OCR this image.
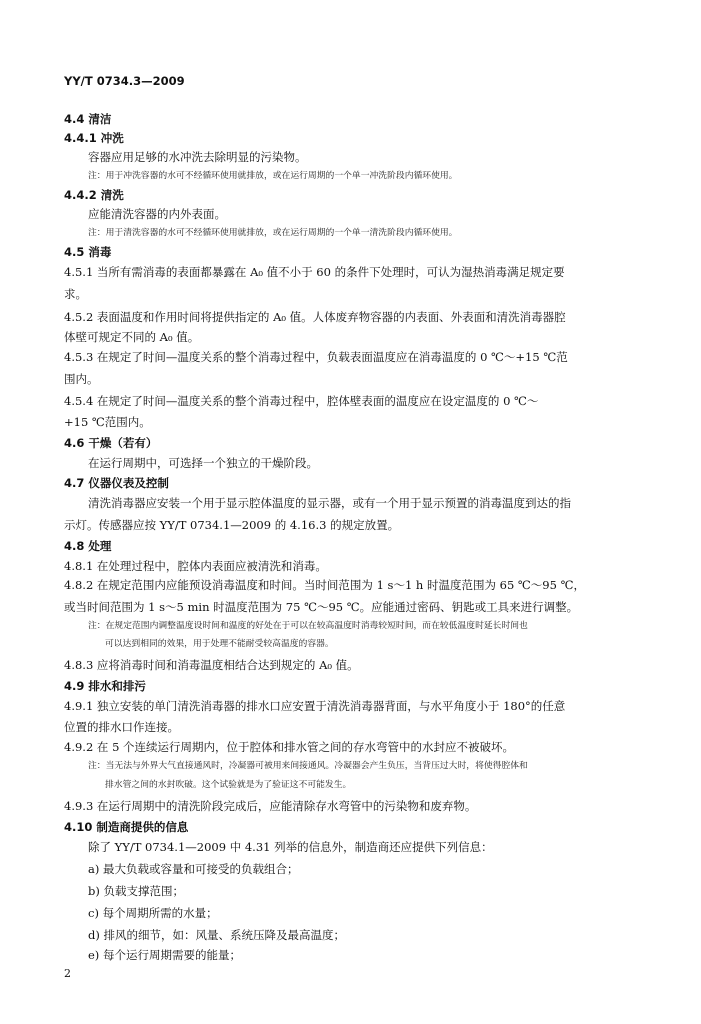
YY/T 0734.3—2009
4.4 清洁
4.4.1 冲洗
容器应用足够的水冲洗去除明显的污染物。
注：用于冲洗容器的水可不经循环使用就排放，或在运行周期的一个单一冲洗阶段内循环使用。
4.4.2 清洗
应能清洗容器的内外表面。
注：用于清洗容器的水可不经循环使用就排放，或在运行周期的一个单一清洗阶段内循环使用。
4.5 消毒
4.5.1 当所有需消毒的表面都暴露在 A₀ 值不小于 60 的条件下处理时，可认为湿热消毒满足规定要
求。
4.5.2 表面温度和作用时间将提供指定的 A₀ 值。人体废弃物容器的内表面、外表面和清洗消毒器腔
体壁可规定不同的 A₀ 值。
4.5.3 在规定了时间—温度关系的整个消毒过程中，负载表面温度应在消毒温度的 0 ℃～+15 ℃范
围内。
4.5.4 在规定了时间—温度关系的整个消毒过程中，腔体壁表面的温度应在设定温度的 0 ℃～
+15 ℃范围内。
4.6 干燥（若有）
在运行周期中，可选择一个独立的干燥阶段。
4.7 仪器仪表及控制
清洗消毒器应安装一个用于显示腔体温度的显示器，或有一个用于显示预置的消毒温度到达的指
示灯。传感器应按 YY/T 0734.1—2009 的 4.16.3 的规定放置。
4.8 处理
4.8.1 在处理过程中，腔体内表面应被清洗和消毒。
4.8.2 在规定范围内应能预设消毒温度和时间。当时间范围为 1 s～1 h 时温度范围为 65 ℃～95 ℃，
或当时间范围为 1 s～5 min 时温度范围为 75 ℃～95 ℃。应能通过密码、钥匙或工具来进行调整。
注：在规定范围内调整温度设时间和温度的好处在于可以在较高温度时消毒较短时间，而在较低温度时延长时间也
可以达到相同的效果，用于处理不能耐受较高温度的容器。
4.8.3 应将消毒时间和消毒温度相结合达到规定的 A₀ 值。
4.9 排水和排污
4.9.1 独立安装的单门清洗消毒器的排水口应安置于清洗消毒器背面，与水平角度小于 180°的任意
位置的排水口作连接。
4.9.2 在 5 个连续运行周期内，位于腔体和排水管之间的存水弯管中的水封应不被破坏。
注：当无法与外界大气直接通风时，冷凝器可被用来间接通风。冷凝器会产生负压，当背压过大时，将使得腔体和
排水管之间的水封吹破。这个试验就是为了验证这不可能发生。
4.9.3 在运行周期中的清洗阶段完成后，应能清除存水弯管中的污染物和废弃物。
4.10 制造商提供的信息
除了 YY/T 0734.1—2009 中 4.31 列举的信息外，制造商还应提供下列信息：
a) 最大负载或容量和可接受的负载组合；
b) 负载支撑范围；
c) 每个周期所需的水量；
d) 排风的细节，如：风量、系统压降及最高温度；
e) 每个运行周期需要的能量；
2
